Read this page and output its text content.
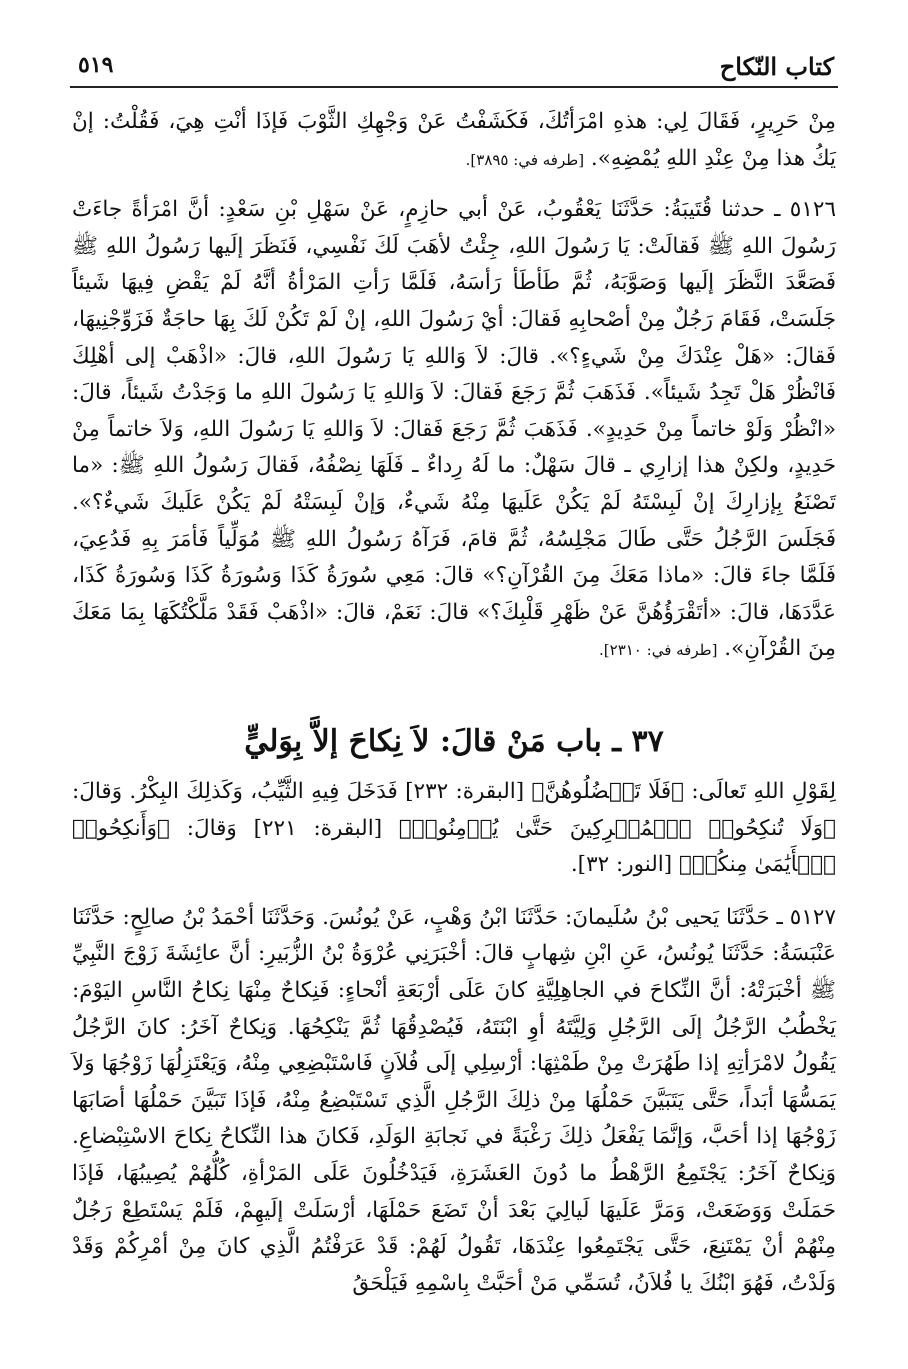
كتاب النّكاح
٥١٩

مِنْ حَرِيرٍ، فَقَالَ لِي: هذهِ امْرَأتُكَ، فَكَشَفْتُ عَنْ وَجْهِكِ الثَّوْبَ فَإذَا أنْتِ هِيَ، فَقُلْتُ: إنْ يَكُ هذا مِنْ عِنْدِ اللهِ يُمْضِهِ». [طرفه في: ٣٨٩٥].

٥١٢٦ ـ حدثنا قُتَيبَةُ: حَدَّثَنَا يَعْقُوبُ، عَنْ أبي حازِمٍ، عَنْ سَهْلِ بْنِ سَعْدٍ: أنَّ امْرَأةً جاءَتْ رَسُولَ اللهِ ﷺ فَقالَتْ: يَا رَسُولَ اللهِ، جِئْتُ لأهَبَ لَكَ نَفْسِي، فَنَظَرَ إلَيها رَسُولُ اللهِ ﷺ فَصَعَّدَ النَّظَرَ إلَيها وَصَوَّبَهُ، ثُمَّ طَأطَأ رَأسَهُ، فَلَمَّا رَأتِ المَرْأةُ أنَّهُ لَمْ يَقْضِ فِيهَا شَيئاً جَلَسَتْ، فَقَامَ رَجُلٌ مِنْ أصْحابِهِ فَقالَ: أيْ رَسُولَ اللهِ، إنْ لَمْ تَكُنْ لَكَ بِهَا حاجَةٌ فَزَوِّجْنِيهَا، فَقالَ: «هَلْ عِنْدَكَ مِنْ شَيءٍ؟». قالَ: لاَ وَاللهِ يَا رَسُولَ اللهِ، قالَ: «اذْهَبْ إلى أهْلِكَ فَانْظُرْ هَلْ تَجِدُ شَيئاً». فَذَهَبَ ثُمَّ رَجَعَ فَقالَ: لاَ وَاللهِ يَا رَسُولَ اللهِ ما وَجَدْتُ شَيئاً، قالَ: «انْظُرْ وَلَوْ خاتماً مِنْ حَدِيدٍ». فَذَهَبَ ثُمَّ رَجَعَ فَقالَ: لاَ وَاللهِ يَا رَسُولَ اللهِ، وَلاَ خاتماً مِنْ حَدِيدٍ، ولكِنْ هذا إزارِي ـ قالَ سَهْلٌ: ما لَهُ رِداءٌ ـ فَلَهَا نِصْفُهُ، فَقالَ رَسُولُ اللهِ ﷺ: «ما تَصْنَعُ بِإزارِكَ إنْ لَبِسْتَهُ لَمْ يَكُنْ عَلَيهَا مِنْهُ شَيءٌ، وَإنْ لَبِسَتْهُ لَمْ يَكُنْ عَلَيكَ شَيءٌ؟». فَجَلَسَ الرَّجُلُ حَتَّى طَالَ مَجْلِسُهُ، ثُمَّ قامَ، فَرَآهُ رَسُولُ اللهِ ﷺ مُوَلِّياً فَأمَرَ بِهِ فَدُعِيَ، فَلَمَّا جاءَ قالَ: «ماذا مَعَكَ مِنَ القُرْآنِ؟» قالَ: مَعِي سُورَةُ كَذَا وَسُورَةُ كَذَا وَسُورَةُ كَذَا، عَدَّدَهَا، قالَ: «أتَقْرَؤُهُنَّ عَنْ ظَهْرِ قَلْبِكَ؟» قالَ: نَعَمْ، قالَ: «اذْهَبْ فَقَدْ مَلَّكْتُكَهَا بِمَا مَعَكَ مِنَ القُرْآنِ». [طرفه في: ٢٣١٠].

٣٧ ـ باب مَنْ قالَ: لاَ نِكاحَ إلاَّ بِوَليٍّ

لِقَوْلِ اللهِ تَعالَى: ﴿فَلَا تَعۡضُلُوهُنَّ﴾ [البقرة: ٢٣٢] فَدَخَلَ فِيهِ الثَّيِّبُ، وَكَذلِكَ البِكْرُ. وَقالَ: ﴿وَلَا تُنكِحُوا۟ ٱلۡمُشۡرِكِينَ حَتَّىٰ يُؤۡمِنُوا۟﴾ [البقرة: ٢٢١] وَقالَ: ﴿وَأَنكِحُوا۟ ٱلۡأَيَٰمَىٰ مِنكُمۡ﴾ [النور: ٣٢].

٥١٢٧ ـ حَدَّثَنَا يَحيى بْنُ سُلَيمانَ: حَدَّثَنَا ابْنُ وَهْبٍ، عَنْ يُونُسَ. وَحَدَّثَنَا أحْمَدُ بْنُ صالِحٍ: حَدَّثَنَا عَنْبَسَةُ: حَدَّثَنَا يُونُسُ، عَنِ ابْنِ شِهابٍ قالَ: أخْبَرَنِي عُرْوَةُ بْنُ الزُّبَيرِ: أنَّ عائِشَةَ زَوْجَ النَّبِيِّ ﷺ أخْبَرَتْهُ: أنَّ النِّكاحَ في الجاهِلِيَّةِ كانَ عَلَى أرْبَعَةِ أنْحاءٍ: فَنِكاحٌ مِنْهَا نِكاحُ النَّاسِ اليَوْمَ: يَخْطُبُ الرَّجُلُ إلَى الرَّجُلِ وَلِيَّتَهُ أوِ ابْنَتَهُ، فَيُصْدِقُهَا ثُمَّ يَنْكِحُهَا. وَنِكاحٌ آخَرُ: كانَ الرَّجُلُ يَقُولُ لامْرَأتِهِ إذا طَهُرَتْ مِنْ طَمْثِهَا: أرْسِلِي إلَى فُلاَنٍ فَاسْتَبْضِعِي مِنْهُ، وَيَعْتَزِلُهَا زَوْجُهَا وَلاَ يَمَسُّهَا أبَداً، حَتَّى يَتَبَيَّنَ حَمْلُهَا مِنْ ذلِكَ الرَّجُلِ الَّذِي تَسْتَبْضِعُ مِنْهُ، فَإذَا تَبَيَّنَ حَمْلُهَا أصَابَهَا زَوْجُهَا إذا أحَبَّ، وَإنَّمَا يَفْعَلُ ذلِكَ رَغْبَةً في نَجابَةِ الوَلَدِ، فَكانَ هذا النِّكاحُ نِكاحَ الاسْتِبْضاعِ. وَنِكاحٌ آخَرُ: يَجْتَمِعُ الرَّهْطُ ما دُونَ العَشَرَةِ، فَيَدْخُلُونَ عَلَى المَرْأةِ، كُلُّهُمْ يُصِيبُهَا، فَإذَا حَمَلَتْ وَوَضَعَتْ، وَمَرَّ عَلَيهَا لَيالِيَ بَعْدَ أنْ تَضَعَ حَمْلَهَا، أرْسَلَتْ إلَيهِمْ، فَلَمْ يَسْتَطِعْ رَجُلٌ مِنْهُمْ أنْ يَمْتَنِعَ، حَتَّى يَجْتَمِعُوا عِنْدَهَا، تَقُولُ لَهُمْ: قَدْ عَرَفْتُمُ الَّذِي كانَ مِنْ أمْرِكُمْ وَقَدْ وَلَدْتُ، فَهُوَ ابْنُكَ يا فُلاَنُ، تُسَمِّي مَنْ أحَبَّتْ بِاسْمِهِ فَيَلْحَقُ
